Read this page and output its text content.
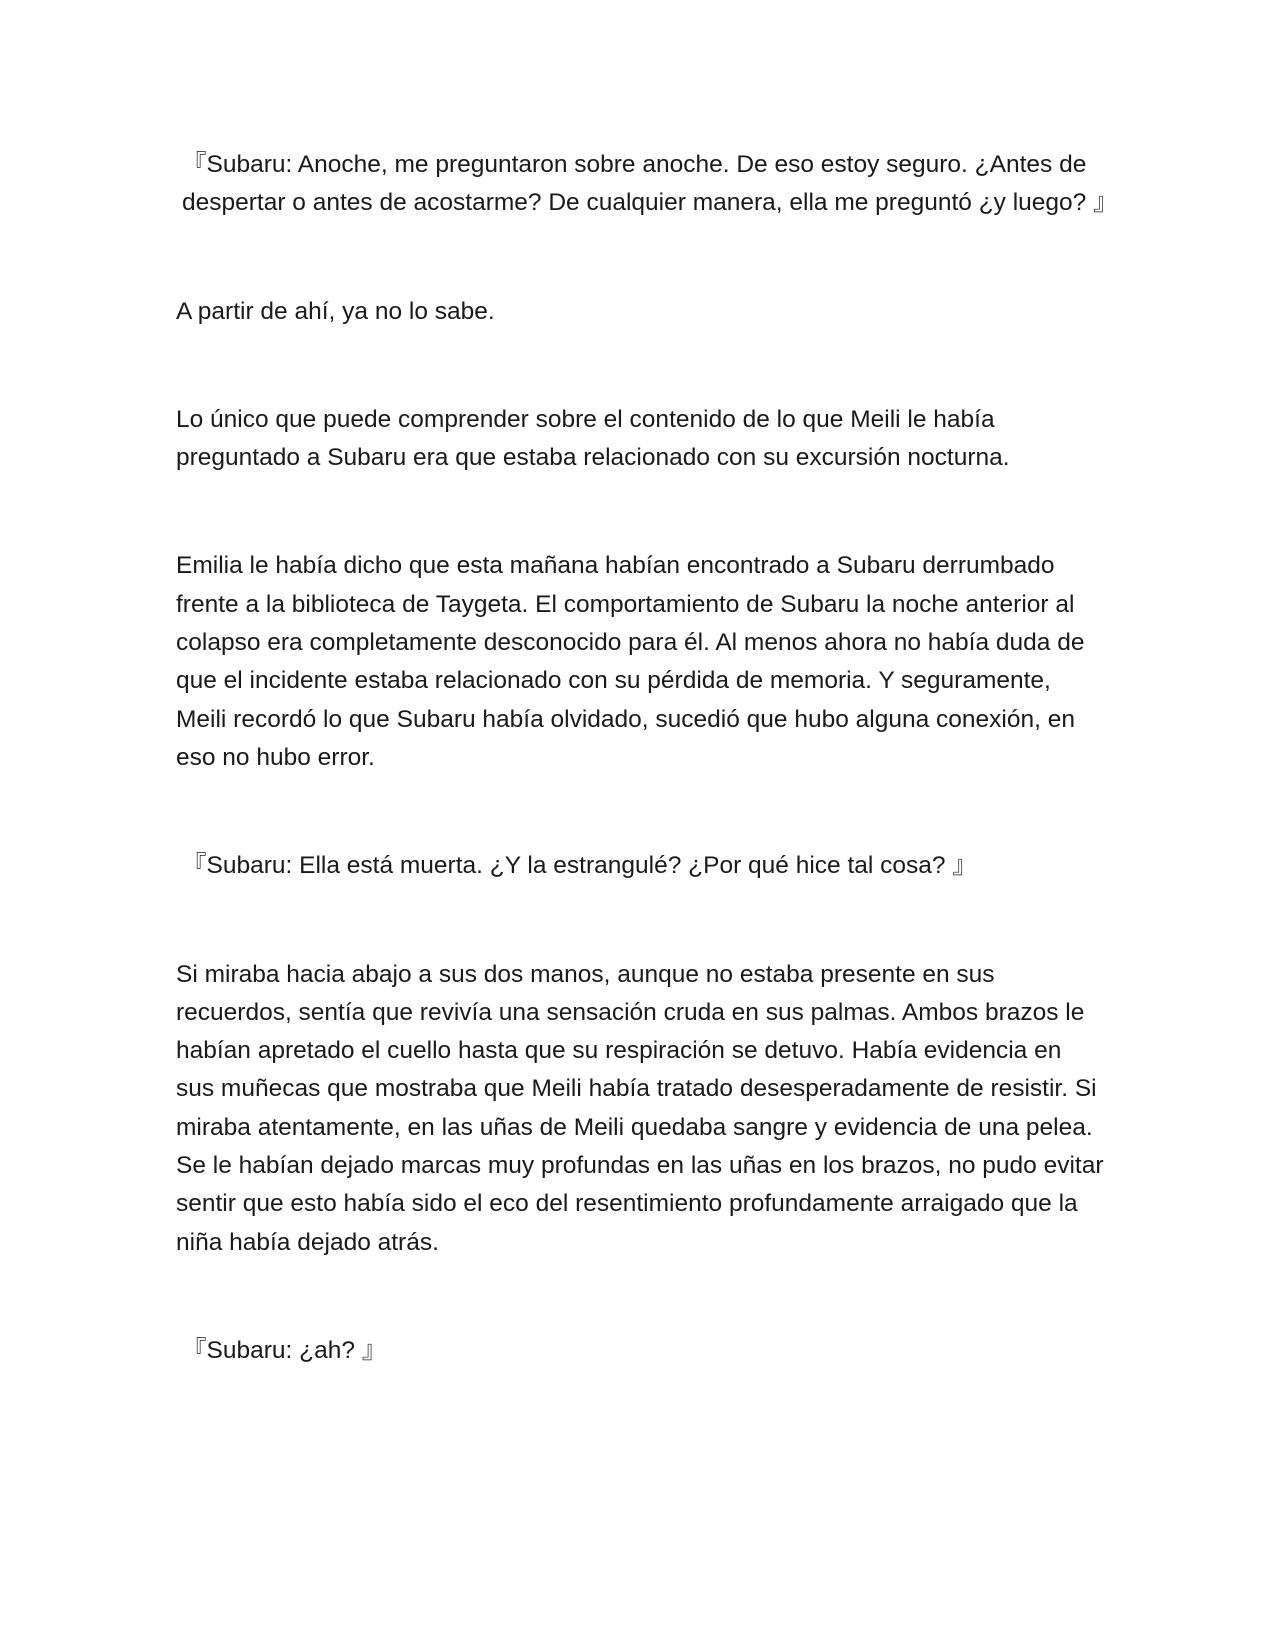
『Subaru: Anoche, me preguntaron sobre anoche. De eso estoy seguro. ¿Antes de despertar o antes de acostarme? De cualquier manera, ella me preguntó ¿y luego? 』

A partir de ahí, ya no lo sabe.

Lo único que puede comprender sobre el contenido de lo que Meili le había preguntado a Subaru era que estaba relacionado con su excursión nocturna.

Emilia le había dicho que esta mañana habían encontrado a Subaru derrumbado frente a la biblioteca de Taygeta. El comportamiento de Subaru la noche anterior al colapso era completamente desconocido para él. Al menos ahora no había duda de que el incidente estaba relacionado con su pérdida de memoria. Y seguramente, Meili recordó lo que Subaru había olvidado, sucedió que hubo alguna conexión, en eso no hubo error.

『Subaru: Ella está muerta. ¿Y la estrangulé? ¿Por qué hice tal cosa? 』

Si miraba hacia abajo a sus dos manos, aunque no estaba presente en sus recuerdos, sentía que revivía una sensación cruda en sus palmas. Ambos brazos le habían apretado el cuello hasta que su respiración se detuvo. Había evidencia en sus muñecas que mostraba que Meili había tratado desesperadamente de resistir. Si miraba atentamente, en las uñas de Meili quedaba sangre y evidencia de una pelea. Se le habían dejado marcas muy profundas en las uñas en los brazos, no pudo evitar sentir que esto había sido el eco del resentimiento profundamente arraigado que la niña había dejado atrás.

『Subaru: ¿ah? 』
